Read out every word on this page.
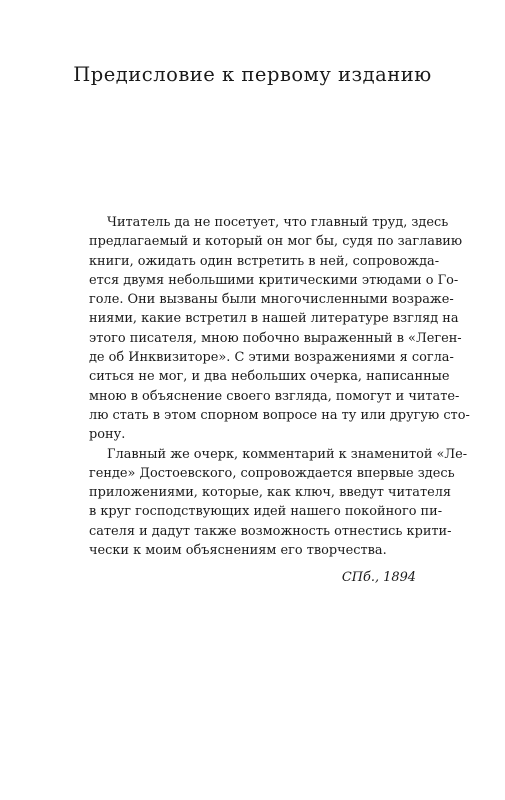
Предисловие к первому изданию
Читатель да не посетует, что главный труд, здесь
предлагаемый и который он мог бы, судя по заглавию
книги, ожидать один встретить в ней, сопровожда-
ется двумя небольшими критическими этюдами о Го-
голе. Они вызваны были многочисленными возраже-
ниями, какие встретил в нашей литературе взгляд на
этого писателя, мною побочно выраженный в «Леген-
де об Инквизиторе». С этими возражениями я согла-
ситься не мог, и два небольших очерка, написанные
мною в объяснение своего взгляда, помогут и читате-
лю стать в этом спорном вопросе на ту или другую сто-
рону.
Главный же очерк, комментарий к знаменитой «Ле-
генде» Достоевского, сопровождается впервые здесь
приложениями, которые, как ключ, введут читателя
в круг господствующих идей нашего покойного пи-
сателя и дадут также возможность отнестись крити-
чески к моим объяснениям его творчества.
СПб., 1894
